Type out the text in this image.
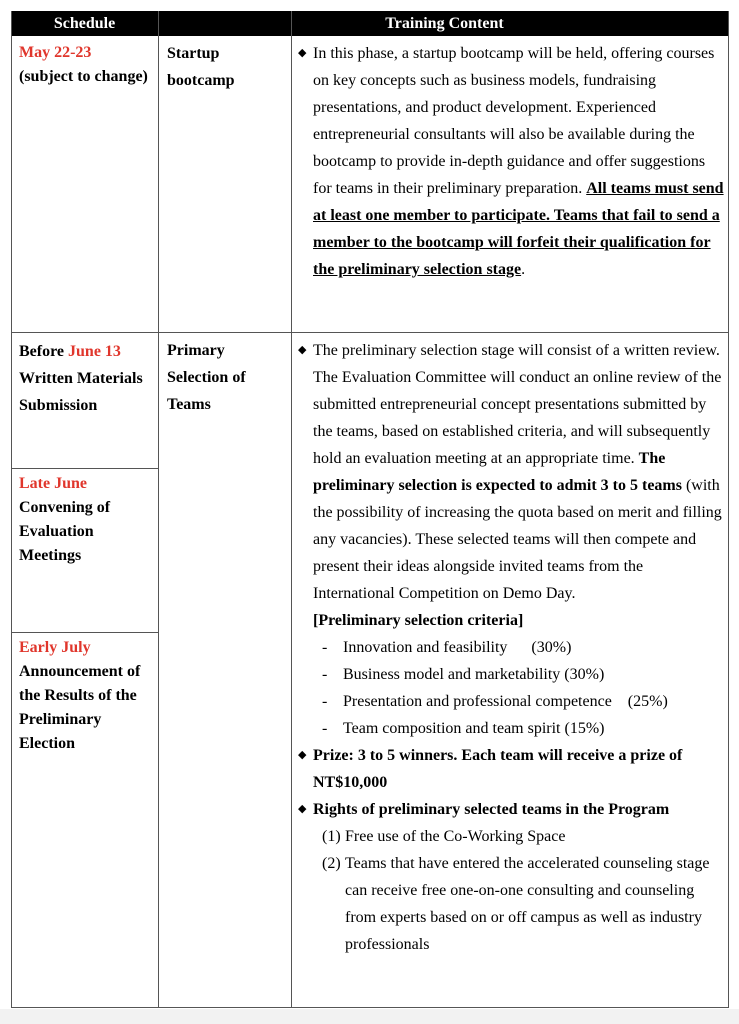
Schedule	Training Content
May 22-23
(subject to change)
Startup bootcamp
◆ In this phase, a startup bootcamp will be held, offering courses on key concepts such as business models, fundraising presentations, and product development. Experienced entrepreneurial consultants will also be available during the bootcamp to provide in-depth guidance and offer suggestions for teams in their preliminary preparation. All teams must send at least one member to participate. Teams that fail to send a member to the bootcamp will forfeit their qualification for the preliminary selection stage.
Before June 13
Written Materials Submission
Late June
Convening of Evaluation Meetings
Early July
Announcement of the Results of the Preliminary Election
Primary Selection of Teams
◆ The preliminary selection stage will consist of a written review. The Evaluation Committee will conduct an online review of the submitted entrepreneurial concept presentations submitted by the teams, based on established criteria, and will subsequently hold an evaluation meeting at an appropriate time. The preliminary selection is expected to admit 3 to 5 teams (with the possibility of increasing the quota based on merit and filling any vacancies). These selected teams will then compete and present their ideas alongside invited teams from the International Competition on Demo Day.
[Preliminary selection criteria]
- Innovation and feasibility      (30%)
- Business model and marketability (30%)
- Presentation and professional competence    (25%)
- Team composition and team spirit (15%)
◆ Prize: 3 to 5 winners. Each team will receive a prize of NT$10,000
◆ Rights of preliminary selected teams in the Program
(1) Free use of the Co-Working Space
(2) Teams that have entered the accelerated counseling stage can receive free one-on-one consulting and counseling from experts based on or off campus as well as industry professionals
